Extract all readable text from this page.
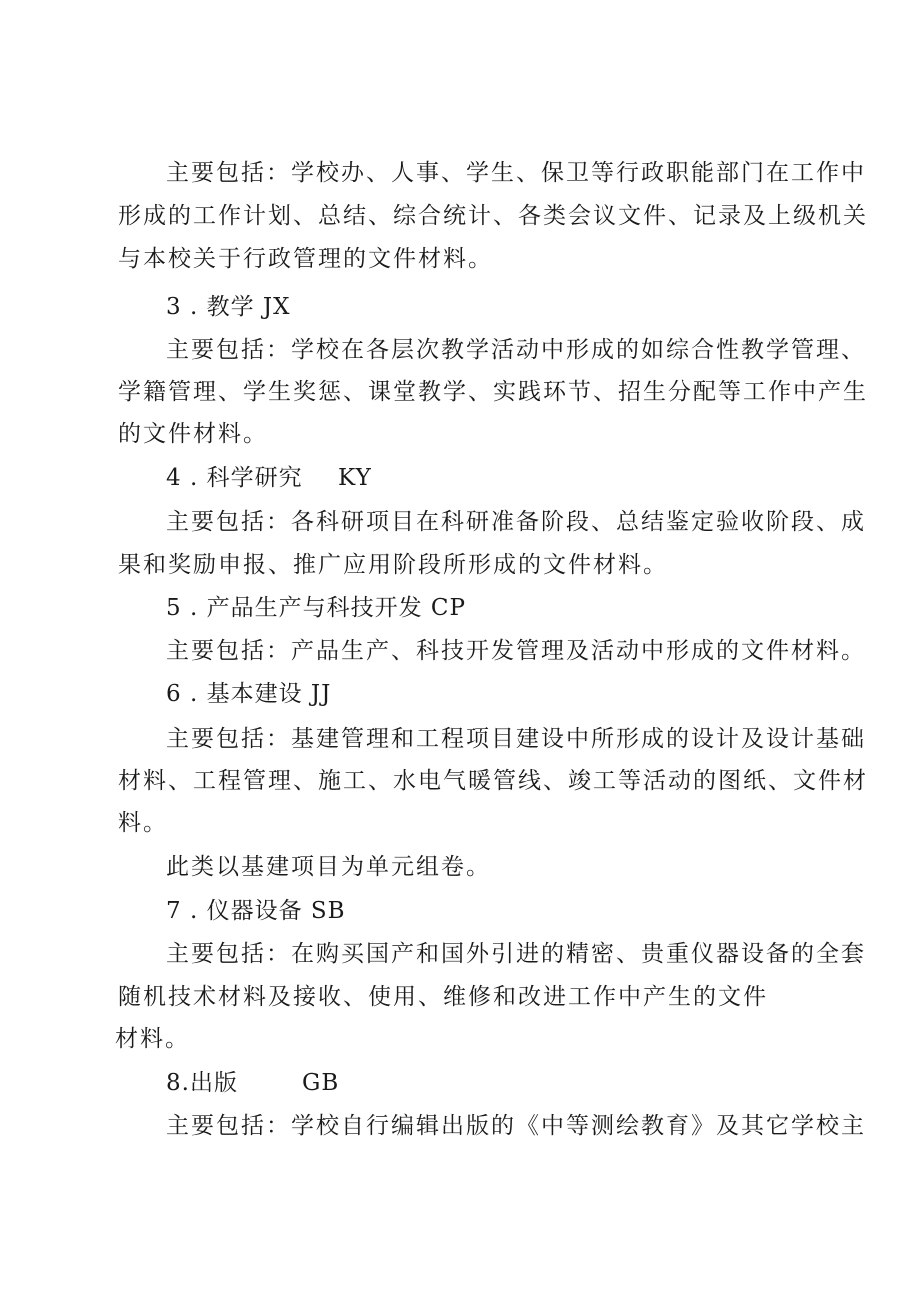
主要包括：学校办、人事、学生、保卫等行政职能部门在工作中
形成的工作计划、总结、综合统计、各类会议文件、记录及上级机关
与本校关于行政管理的文件材料。
3 . 教学 JX
主要包括：学校在各层次教学活动中形成的如综合性教学管理、
学籍管理、学生奖惩、课堂教学、实践环节、招生分配等工作中产生
的文件材料。
4 . 科学研究 KY
主要包括：各科研项目在科研准备阶段、总结鉴定验收阶段、成
果和奖励申报、推广应用阶段所形成的文件材料。
5 . 产品生产与科技开发 CP
主要包括：产品生产、科技开发管理及活动中形成的文件材料。
6 . 基本建设 JJ
主要包括：基建管理和工程项目建设中所形成的设计及设计基础
材料、工程管理、施工、水电气暖管线、竣工等活动的图纸、文件材
料。
此类以基建项目为单元组卷。
7 . 仪器设备 SB
主要包括：在购买国产和国外引进的精密、贵重仪器设备的全套
随机技术材料及接收、使用、维修和改进工作中产生的文件
材料。
8.出版	GB
主要包括：学校自行编辑出版的《中等测绘教育》及其它学校主
